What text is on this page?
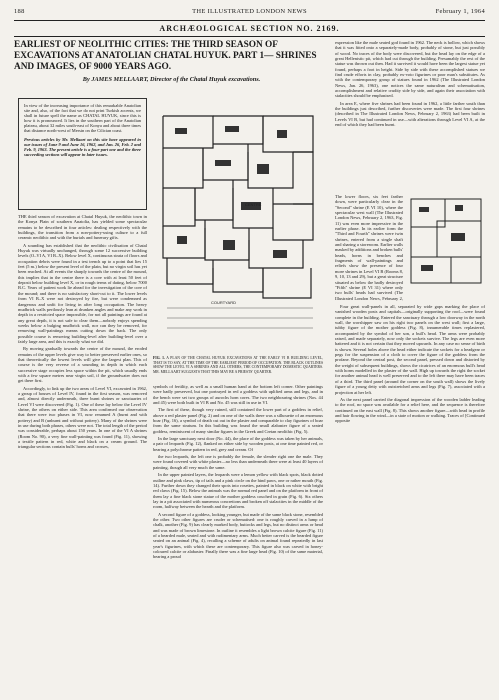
188	THE ILLUSTRATED LONDON NEWS	February 1, 1964
ARCHÆOLOGICAL SECTION NO. 2169.
EARLIEST OF NEOLITHIC CITIES: THE THIRD SEASON OF EXCAVATIONS AT ANATOLIAN CHATAL HUYUK. PART 1— SHRINES AND IMAGES, OF 9000 YEARS AGO.
By JAMES MELLAART, Director of the Chatal Huyuk excavations.

In view of the increasing importance of this remarkable Anatolian site and, also, of the fact that we do not print Turkish accents, we shall in future spell the name as CHATAL HUYUK, since this is how it is pronounced. It lies in the southern part of the Anatolian plateau, about 32 miles south-east of Konya and about three times that distance north-west of Mersin on the Cilician coast.

Previous articles by Mr. Mellaart on this site have appeared in our issues of June 9 and June 16, 1962, and Jan. 26, Feb. 2 and Feb. 9, 1963. The present article is a four-part one and the three succeeding sections will appear in later issues.

THE third season of excavation at Chatal Huyuk, the neolithic town in the Konya Plain of southern Anatolia, has yielded some spectacular remains to be described in four articles: dealing respectively with the buildings, the transition from a non-pottery-using culture to a full ceramic neolithic and with the burials and funerary gifts.

A sounding has established that the neolithic civilisation of Chatal Huyuk was virtually unchanged, through some 12 successive building levels (O–VI A, VI B–X). Below level X, continuous strata of floors and occupation debris were found in a test trench up to a point that lies 15 feet (5 m.) below the present level of the plain, but no virgin soil has yet been reached. At all events the sharply towards the centre of the mound, this implies that in the centre there is a core with at least 50 feet of deposit below building level X, or in rough terms of dating, below 7000 B.C. Years of patient work lie ahead for the investigation of the core of the mound; and there is no satisfactory short-cut to it. The lower levels from VI B–X were not destroyed by fire, but were condemned as dangerous and unfit for living in after long occupation. The heavy mudbrick walls perilously lean at drunken angles and make any work in depth in a restricted space impossible, for not all paintings are found at any great depth, it is not safe to clear them—nobody enjoys spending weeks below a bulging mudbrick wall, nor can they be removed, for removing wall-paintings means cutting down the back. The only possible course is removing building-level after building-level over a fairly large area, and this is exactly what we did.

By moving gradually towards the centre of the mound, the eroded remains of the upper levels give way to better preserved earlier ones, so that theoretically the lowest levels will give the largest plan. This of course is the very reverse of a sounding in depth in which each successive stage occupies less space within the pit, which usually ends with a few square metres near virgin soil, if the groundwater does not get there first.

Accordingly, to link up the two areas of Level VI, excavated in 1962, a group of houses of Level IV, found in the first season, was removed and, almost directly underneath, three burnt shrines or sanctuaries of Level VI were discovered (Fig. 1). One of these lay below the Level IV shrine, the others on either side. This area confirmed our observation that there were two phases in VI, now renamed A (burnt and with pottery) and B (unburnt and without pottery). Many of the shrines were in use during both phases, others were not. The total length of the period was considerable, perhaps about 150 years. In one of the VI A shrines (Room No. 90), a very fine wall-painting was found (Fig. 11), showing a textile pattern in red, white and black on a cream ground. The triangular sections contain bulls' horns and crosses,

expression like the male seated god found in 1962. The neck is hollow, which shows that it was fitted onto a separately-made body, probably of stone, but just possibly of wood. No traces of the body were discovered, but the head lay on the edge of a great Hellenistic pit, which had cut through the building. Presumably the rest of the statue was thrown out then. Had it survived it would have been the largest statue yet found, perhaps a foot in height. Side by side with these accomplished statues we find crude efforts in clay, probably ex-voto figurines or poor man's substitutes. As with the contemporary group of statues found in 1962 (The Illustrated London News, Jan. 26, 1963), one notices the same naturalism and schematisation, accomplishment and relative crudity side by side, and again their association with stalactites should be emphasised.

In area E, where five shrines had been found in 1962, a little farther south than the buildings just described, further discoveries were made. The first four shrines (described in The Illustrated London News, February 2, 1963) had been built in Levels VI B, but had continued in use—with alterations through Level VI A, at the end of which they had been burnt.

CENTRE
COURTYARD
FIG. 1. A PLAN OF THE CHATAL HUYUK EXCAVATIONS AT THE EARLY VI B BUILDING LEVEL, THAT IS TO SAY, AT THE TIME OF THE EARLIEST PERIOD OF OCCUPATION. THE BLACK OUTLINES SHOW THE LEVEL VI A SHRINES AND ALL OTHERS, THE CONTEMPORARY DOMESTIC QUARTERS. MR. MELLAART SUGGESTS THAT THIS MAY BE A PRIESTS' QUARTER.

symbols of fertility, as well as a small human hand at the bottom left corner. Other paintings were badly preserved, but one portrayed in red a goddess with uplifted arms and legs, and in the bench were set two groups of aurochs horn cores. The two neighbouring shrines (Nos. 44 and 45) were both built in VI B and No. 45 was still in use in VI.

The first of these, though very ruined, still contained the lower part of a goddess in relief, above a red plaster panel (Fig. 2) and on one of the walls there was a silhouette of an enormous boar (Fig. 16), a symbol of death cut out in the plaster and comparable to clay figurines of boar from the same stratum. In this building was found the small alabaster figure of a seated goddess, reminiscent of many similar figures in the Greek and Cretan neolithic (Fig. 5).

In the large sanctuary next door (No. 44), the place of the goddess was taken by her animals, a pair of leopards (Fig. 12), flanked on either side by wooden posts, at one time painted red, or bearing a polychrome pattern in red, grey and cream. Of

the two leopards, the left one is probably the female, the slender right one the male. They were found covered with white plaster—no less than underneath there were at least 40 layers of painting, though all very much the same.

In the upper painted layers, the leopards were a lemon yellow with black spots, black dotted outline and pink claws, tip of tails and a pink circle on the hind paws, one or rather mouth (Fig. 14). Further down they changed their spots into rosettes, painted in black on white with bright red claws (Fig. 15). Below the animals was the normal red panel and on the platform in front of them lay a fine black stone statue of the mother goddess couched in grain (Fig. 6). Six others lay in a pit associated with numerous concretions and broken off stalactites in the middle of the room, halfway between the hearth and the platform.

A second figure of a goddess, looking younger, but made of the same black stone, resembled the other. Two other figures are cruder or schematised: one is roughly carved in a lump of chalk, another (Fig. 9) has clearly marked body, buttocks and legs, but no distinct arms or head and was made of brown limestone. In outline it resembles a light brown calcite figure (Fig. 11) of a bearded male, seated and with rudimentary arms. Much better carved is the bearded figure seated on an animal (Fig. 4), recalling a scheme of adults on animal found repeatedly in last year's figurines, with which these are contemporary. This figure also was carved in honey-coloured calcite or alabaster. Finally there was a fine large head (Fig. 10) of the same material, bearing a proud

The lower floors, six feet farther down, were particularly clear in the "Second" shrine (E VI 10), where the spectacular west wall (The Illustrated London News, February 2, 1963, Fig. 11) was even more impressive in the earlier phase. In its earlier form the "Third and Fourth" shrines were twin shrines, entered from a single shaft and sharing a storeroom. Earlier walls masked by additions and broken bulls' heads, horns in benches and fragments of wall-paintings and reliefs show the presence of four more shrines in Level VI B (Rooms 8, 9, 10, 13 and 29), but a great structure situated as below the badly destroyed "Fifth" shrine (E VI 31) where only two bulls' heads had survived (The Illustrated London News, February 2,

Four great wall-panels in all, separated by wide gaps marking the place of vanished wooden posts and capitals—originally supporting the roof—were found complete in the building. Entered the sanctuary through a low doorway in the north wall, the worshipper saw on his right two panels on the west wall; first a large, tubby figure of the mother goddess (Fig. 8), innumerable times replastered, accompanied by the symbol of her son, a bull's head. The arms were probably raised, and made separately, now only the sockets survive. The legs are even more battered and it is not certain that they moved upwards. In any case no sense of birth is shown. Several holes above the head either indicate the sockets for a headgear or pegs for the suspension of a cloth to cover the figure of the goddess from the profane. Beyond the central post, the second panel, pressed down and distorted by the weight of subsequent buildings, shows the cicatrices of an enormous bull's head with horns modelled in the plaster of the wall. High up towards the right the socket for another animal head is well preserved and to the left there may have been traces of a third. The third panel (around the corner on the south wall) shows the lively figure of a young deity with outstretched arms and legs (Fig. 7), associated with a projection at her left.

As the next panel carried the diagonal impression of the wooden ladder leading to the roof, no space was available for a relief here, and the sequence is therefore continued on the east wall (Fig. 8). This shows another figure—with head in profile and hair flowing in the wind—in a state of motion or walking. Traces of [Continued opposite
